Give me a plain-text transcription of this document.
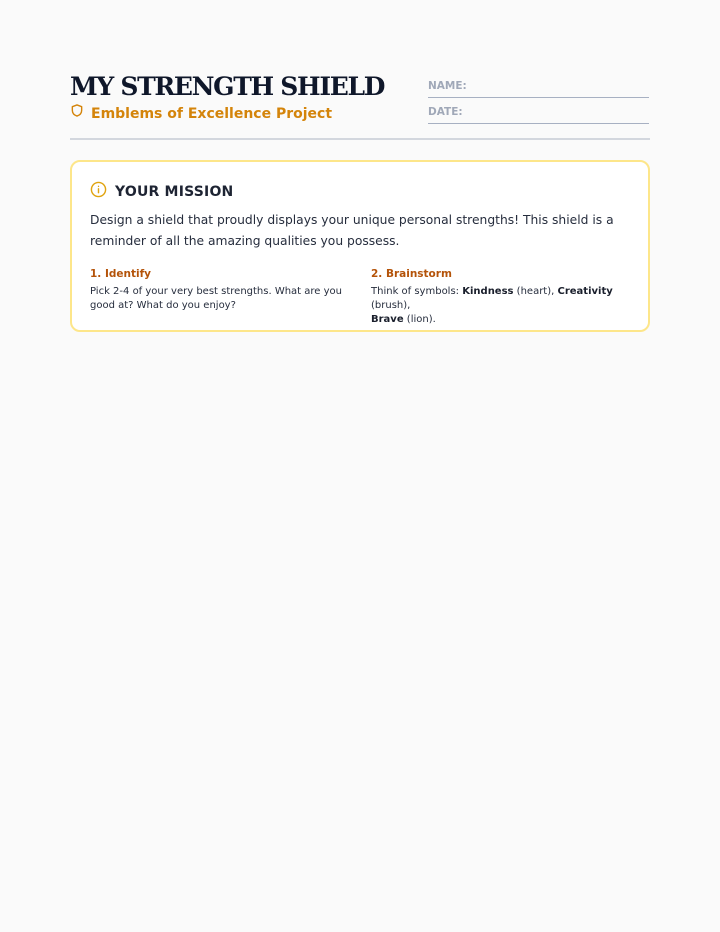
MY STRENGTH SHIELD
Emblems of Excellence Project
NAME:
DATE:
YOUR MISSION
Design a shield that proudly displays your unique personal strengths! This shield is a reminder of all the amazing qualities you possess.
1. Identify
Pick 2-4 of your very best strengths. What are you good at? What do you enjoy?
2. Brainstorm
Think of symbols: Kindness (heart), Creativity (brush),
Brave (lion).
